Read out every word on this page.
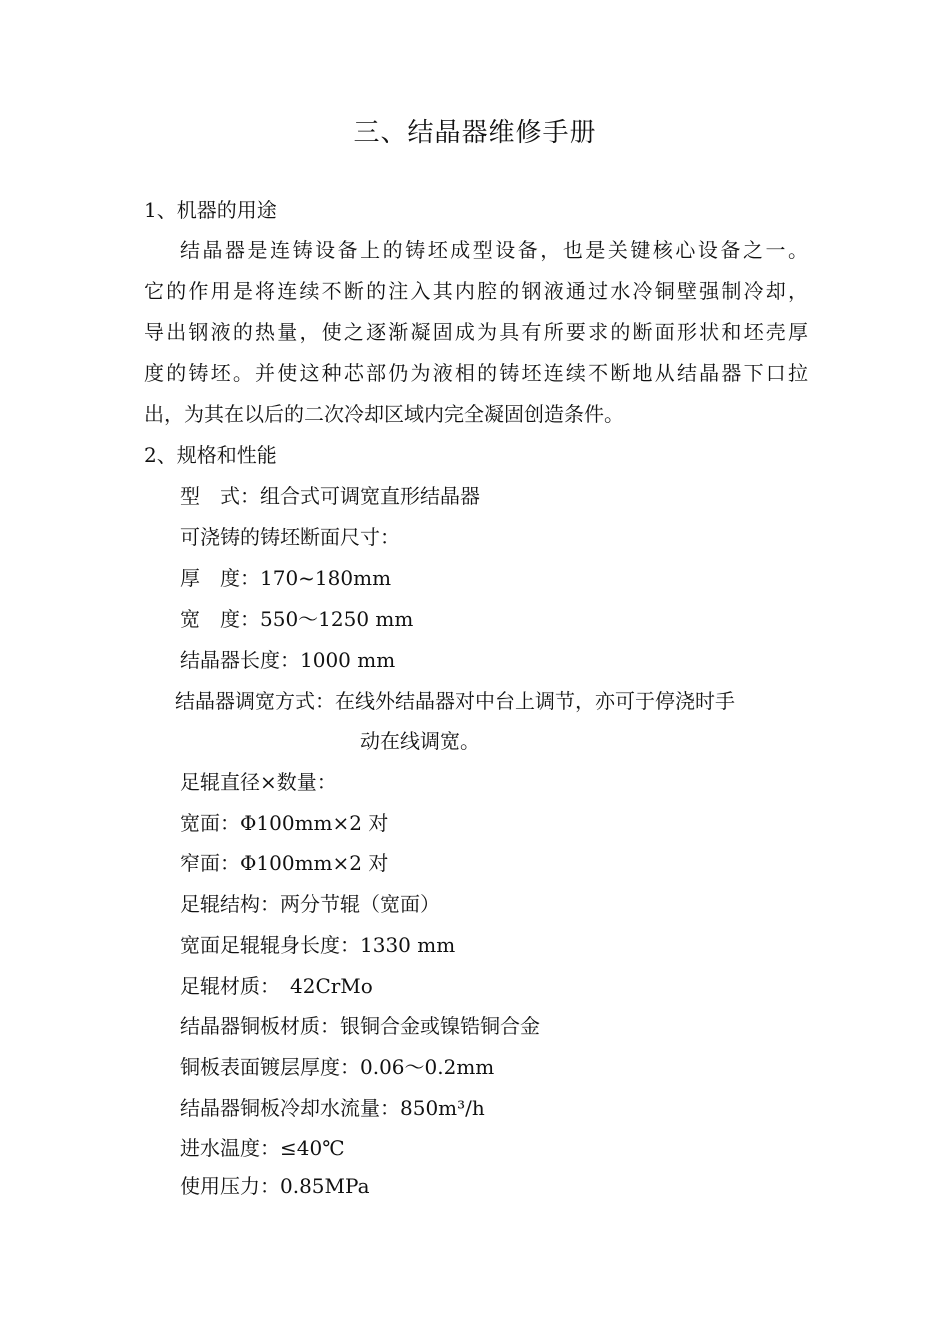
三、结晶器维修手册
1、机器的用途
结晶器是连铸设备上的铸坯成型设备，也是关键核心设备之一。
它的作用是将连续不断的注入其内腔的钢液通过水冷铜壁强制冷却，
导出钢液的热量，使之逐渐凝固成为具有所要求的断面形状和坯壳厚
度的铸坯。并使这种芯部仍为液相的铸坯连续不断地从结晶器下口拉
出，为其在以后的二次冷却区域内完全凝固创造条件。
2、规格和性能
型　式：组合式可调宽直形结晶器
可浇铸的铸坯断面尺寸：
厚　度：170~180mm
宽　度：550～1250 mm
结晶器长度：1000 mm
结晶器调宽方式：在线外结晶器对中台上调节，亦可于停浇时手
动在线调宽。
足辊直径×数量：
宽面：Φ100mm×2 对
窄面：Φ100mm×2 对
足辊结构：两分节辊（宽面）
宽面足辊辊身长度：1330 mm
足辊材质：　42CrMo
结晶器铜板材质：银铜合金或镍锆铜合金
铜板表面镀层厚度：0.06～0.2mm
结晶器铜板冷却水流量：850m³/h
进水温度：≤40℃
使用压力：0.85MPa
